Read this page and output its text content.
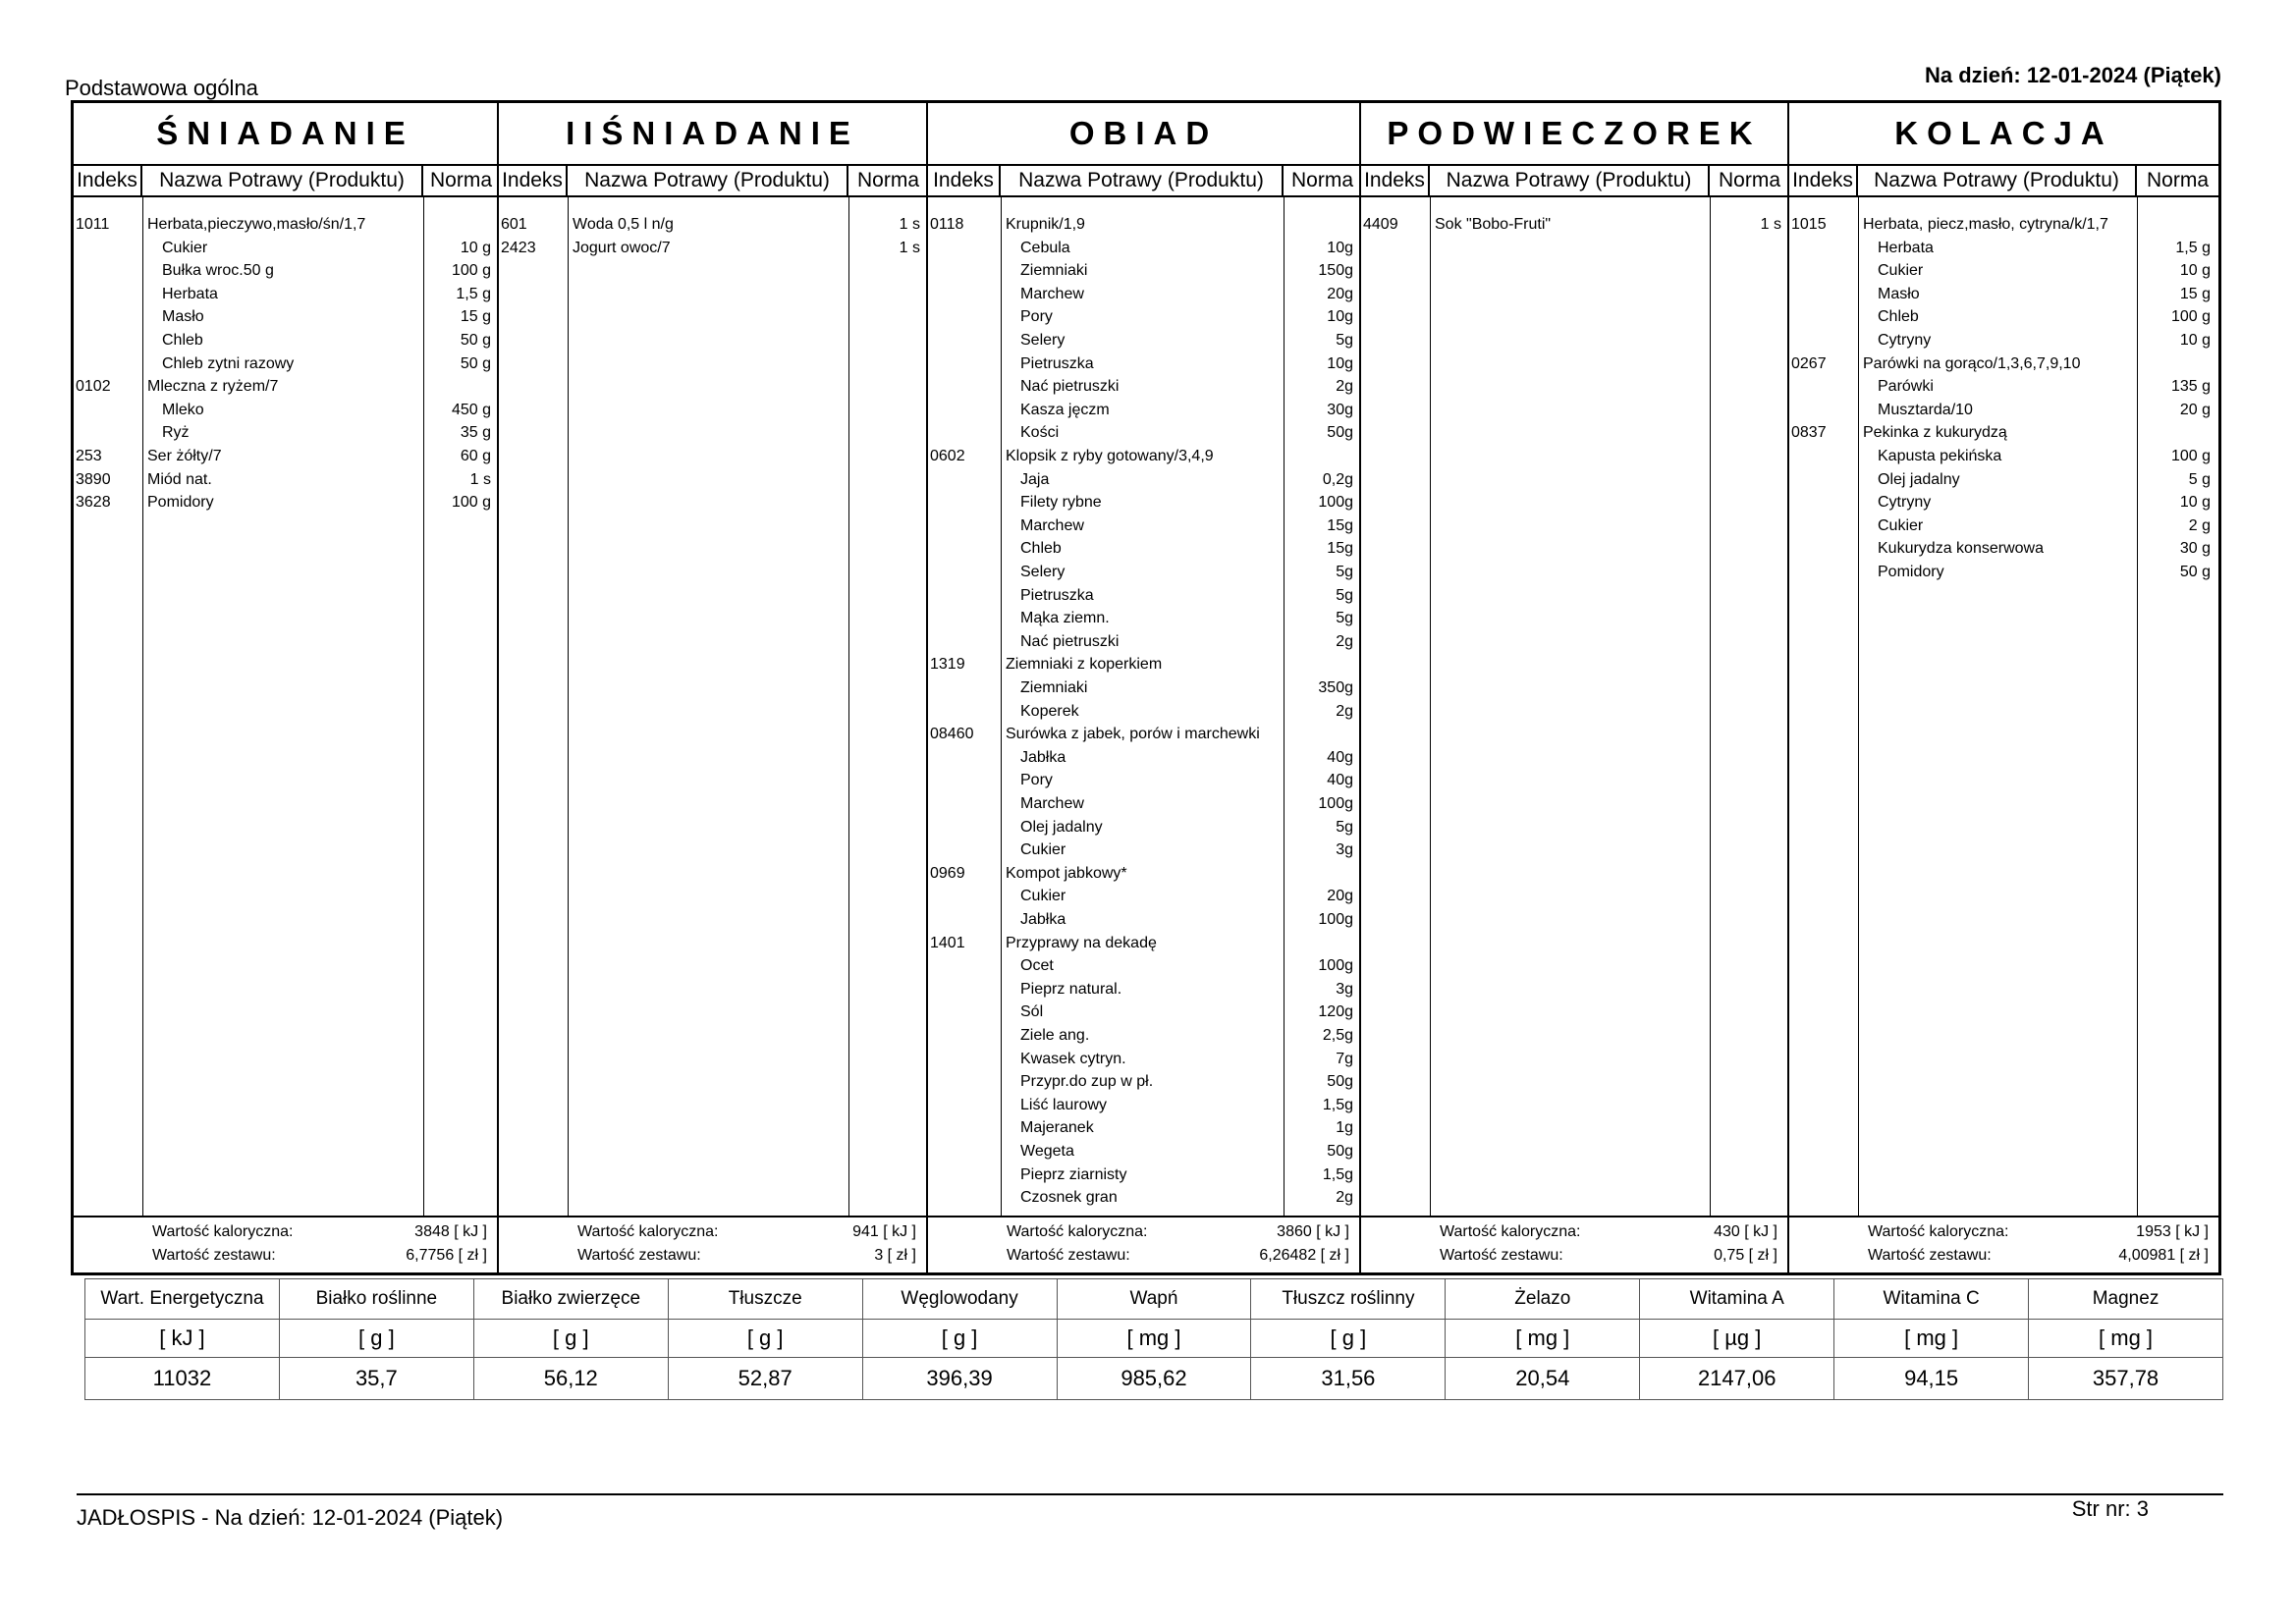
Podstawowa ogólna
Na dzień: 12-01-2024 (Piątek)
ŚNIADANIE
Indeks	Nazwa Potrawy (Produktu)	Norma
1011 Herbata,pieczywo,masło/śn/1,7
Cukier	10 g
Bułka wroc.50 g	100 g
Herbata	1,5 g
Masło	15 g
Chleb	50 g
Chleb zytni razowy	50 g
0102 Mleczna z ryżem/7
Mleko	450 g
Ryż	35 g
253	Ser żółty/7	60 g
3890 Miód nat.	1 s
3628 Pomidory	100 g
Wartość kaloryczna:	3848 [ kJ ]
Wartość zestawu:	6,7756 [ zł ]
IIŚNIADANIE
Indeks	Nazwa Potrawy (Produktu)	Norma
601	Woda 0,5 l n/g	1 s
2423 Jogurt owoc/7	1 s
Wartość kaloryczna:	941 [ kJ ]
Wartość zestawu:	3 [ zł ]
OBIAD
Indeks	Nazwa Potrawy (Produktu)	Norma
0118	Krupnik/1,9
Cebula	10g
Ziemniaki	150g
Marchew	20g
Pory	10g
Selery	5g
Pietruszka	10g
Nać pietruszki	2g
Kasza jęczm	30g
Kości	50g
0602	Klopsik z ryby gotowany/3,4,9
Jaja	0,2g
Filety rybne	100g
Marchew	15g
Chleb	15g
Selery	5g
Pietruszka	5g
Mąka ziemn.	5g
Nać pietruszki	2g
1319	Ziemniaki z koperkiem
Ziemniaki	350g
Koperek	2g
08460 Surówka z jabek, porów i marchewki
Jabłka	40g
Pory	40g
Marchew	100g
Olej jadalny	5g
Cukier	3g
0969	Kompot jabkowy*
Cukier	20g
Jabłka	100g
1401	Przyprawy na dekadę
Ocet	100g
Pieprz natural.	3g
Sól	120g
Ziele ang.	2,5g
Kwasek cytryn.	7g
Przypr.do zup w pł.	50g
Liść laurowy	1,5g
Majeranek	1g
Wegeta	50g
Pieprz ziarnisty	1,5g
Czosnek gran	2g
Wartość kaloryczna:	3860 [ kJ ]
Wartość zestawu:	6,26482 [ zł ]
PODWIECZOREK
Indeks	Nazwa Potrawy (Produktu)	Norma
4409 Sok "Bobo-Fruti"	1 s
Wartość kaloryczna:	430 [ kJ ]
Wartość zestawu:	0,75 [ zł ]
KOLACJA
Indeks	Nazwa Potrawy (Produktu)	Norma
1015 Herbata, piecz,masło, cytryna/k/1,7
Herbata	1,5 g
Cukier	10 g
Masło	15 g
Chleb	100 g
Cytryny	10 g
0267 Parówki na gorąco/1,3,6,7,9,10
Parówki	135 g
Musztarda/10	20 g
0837 Pekinka z kukurydzą
Kapusta pekińska	100 g
Olej jadalny	5 g
Cytryny	10 g
Cukier	2 g
Kukurydza konserwowa	30 g
Pomidory	50 g
Wartość kaloryczna:	1953 [ kJ ]
Wartość zestawu:	4,00981 [ zł ]
Wart. Energetyczna	Białko roślinne	Białko zwierzęce	Tłuszcze	Węglowodany	Wapń	Tłuszcz roślinny	Żelazo	Witamina A	Witamina C	Magnez
[ kJ ]	[ g ]	[ g ]	[ g ]	[ g ]	[ mg ]	[ g ]	[ mg ]	[ µg ]	[ mg ]	[ mg ]
11032	35,7	56,12	52,87	396,39	985,62	31,56	20,54	2147,06	94,15	357,78
JADŁOSPIS - Na dzień: 12-01-2024 (Piątek)	Str nr: 3
